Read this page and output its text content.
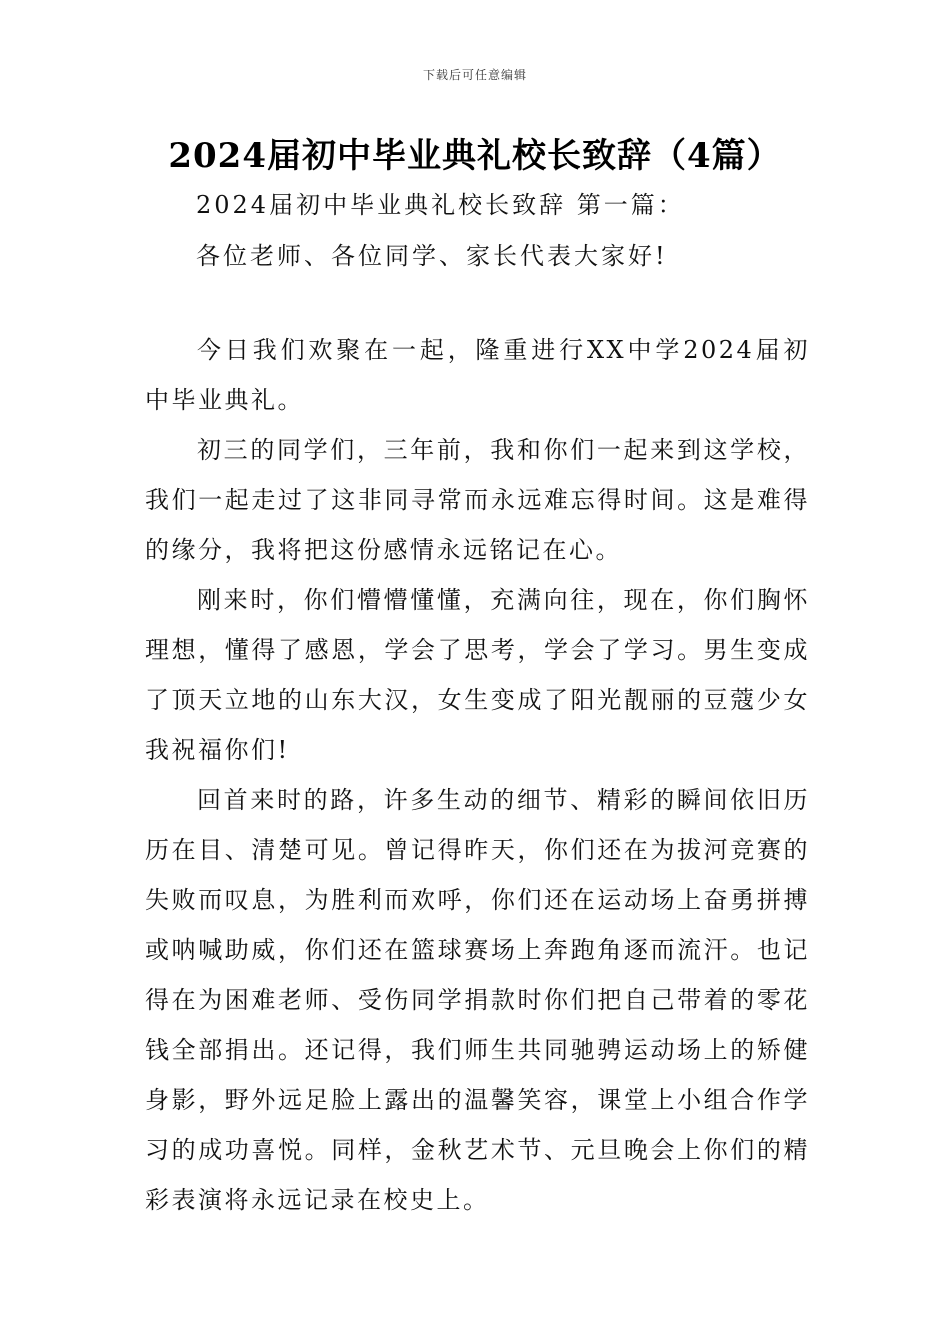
下载后可任意编辑
2024届初中毕业典礼校长致辞（4篇）
2024届初中毕业典礼校长致辞 第一篇：
各位老师、各位同学、家长代表大家好!

今日我们欢聚在一起，隆重进行XX中学2024届初中毕业典礼。

初三的同学们，三年前，我和你们一起来到这学校，我们一起走过了这非同寻常而永远难忘得时间。这是难得的缘分，我将把这份感情永远铭记在心。

刚来时，你们懵懵懂懂，充满向往，现在，你们胸怀理想，懂得了感恩，学会了思考，学会了学习。男生变成了顶天立地的山东大汉，女生变成了阳光靓丽的豆蔻少女我祝福你们!

回首来时的路，许多生动的细节、精彩的瞬间依旧历历在目、清楚可见。曾记得昨天，你们还在为拔河竞赛的失败而叹息，为胜利而欢呼，你们还在运动场上奋勇拼搏或呐喊助威，你们还在篮球赛场上奔跑角逐而流汗。也记得在为困难老师、受伤同学捐款时你们把自己带着的零花钱全部捐出。还记得，我们师生共同驰骋运动场上的矫健身影，野外远足脸上露出的温馨笑容，课堂上小组合作学习的成功喜悦。同样，金秋艺术节、元旦晚会上你们的精彩表演将永远记录在校史上。
